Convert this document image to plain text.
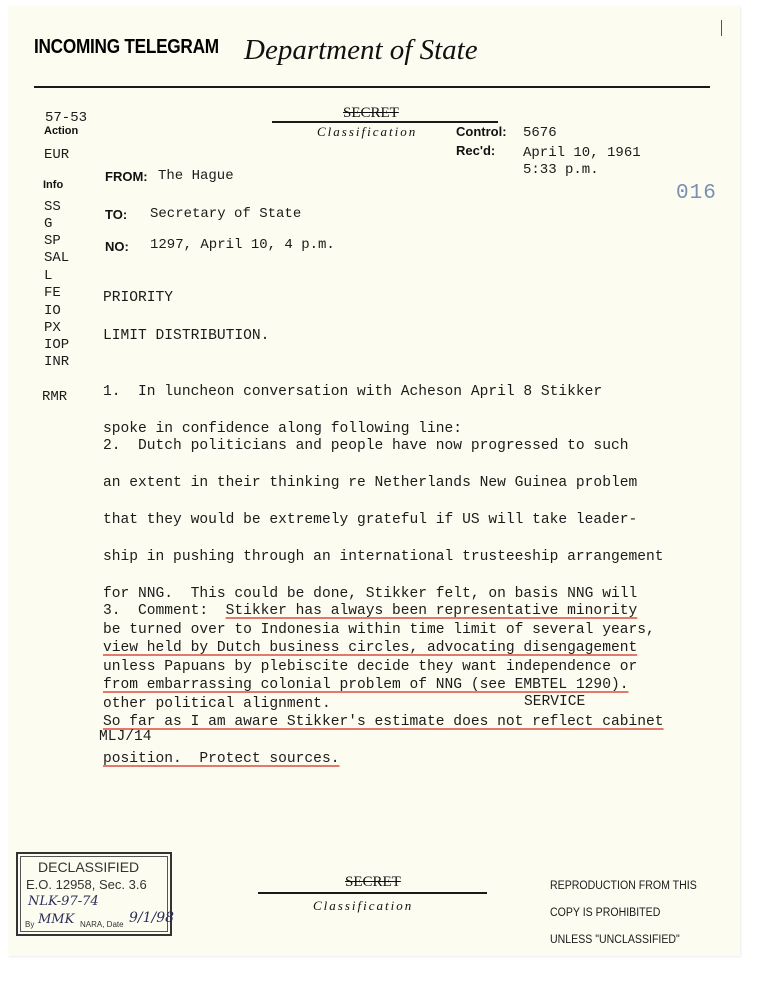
INCOMING TELEGRAM Department of State
SECRET
Classification	Control: 5676
Rec'd: April 10, 1961
5:33 p.m.
016
57-53
Action
EUR
Info
SS
G
SP
SAL
L
FE
IO
PX
IOP
INR
RMR
FROM: The Hague
TO: Secretary of State
NO: 1297, April 10, 4 p.m.
PRIORITY
LIMIT DISTRIBUTION.

1.  In luncheon conversation with Acheson April 8 Stikker

spoke in confidence along following line:

2.  Dutch politicians and people have now progressed to such

an extent in their thinking re Netherlands New Guinea problem

that they would be extremely grateful if US will take leader-

ship in pushing through an international trusteeship arrangement

for NNG.  This could be done, Stikker felt, on basis NNG will

be turned over to Indonesia within time limit of several years,

unless Papuans by plebiscite decide they want independence or

other political alignment.

3.  Comment:  Stikker has always been representative minority

view held by Dutch business circles, advocating disengagement

from embarrassing colonial problem of NNG (see EMBTEL 1290).

So far as I am aware Stikker's estimate does not reflect cabinet

position.  Protect sources.

SERVICE
MLJ/14
DECLASSIFIED
E.O. 12958, Sec. 3.6
NLK-97-74
By MMK NARA, Date 9/1/98
SECRET
Classification

REPRODUCTION FROM THIS

COPY IS PROHIBITED

UNLESS "UNCLASSIFIED"
